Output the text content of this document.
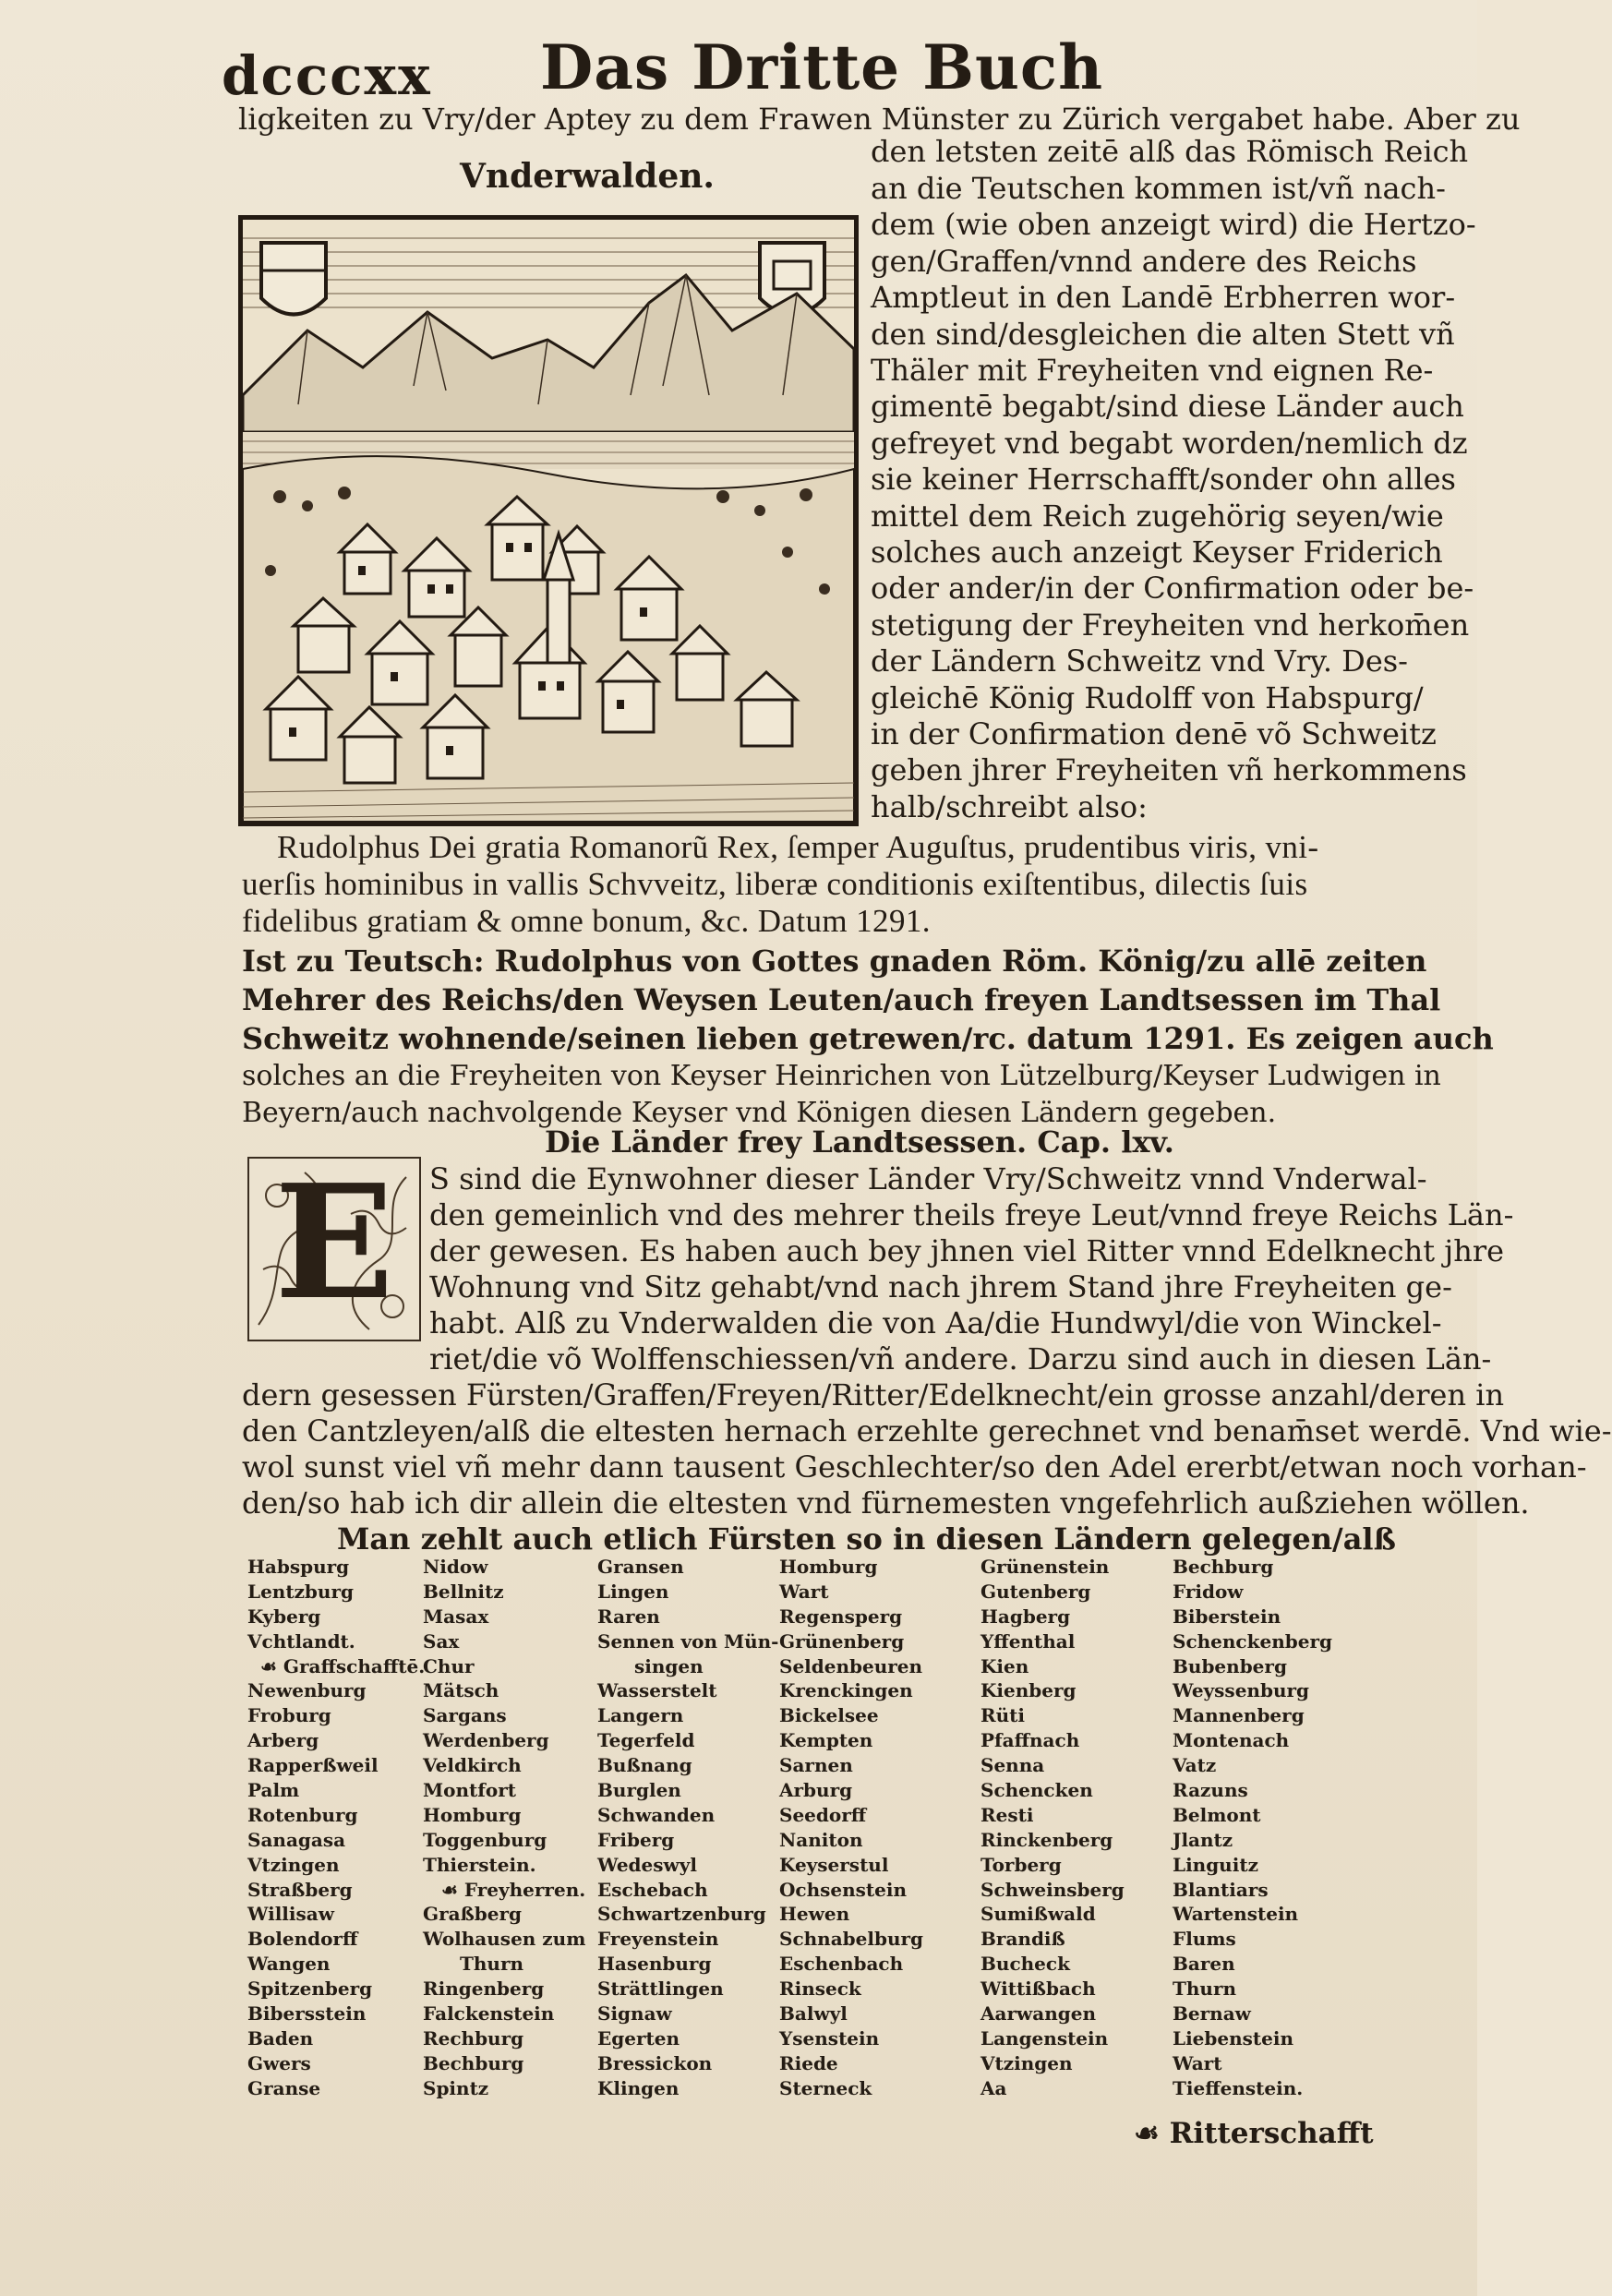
dcccxx Das Dritte Buch
ligkeiten zu Vry/der Aptey zu dem Frawen Münster zu Zürich vergabet habe. Aber zu
Vnderwalden.
den letsten zeitē alß das Römisch Reich
an die Teutschen kommen ist/vñ nach-
dem (wie oben anzeigt wird) die Hertzo-
gen/Graffen/vnnd andere des Reichs
Amptleut in den Landē Erbherren wor-
den sind/desgleichen die alten Stett vñ
Thäler mit Freyheiten vnd eignen Re-
gimentē begabt/sind diese Länder auch
gefreyet vnd begabt worden/nemlich dz
sie keiner Herrschafft/sonder ohn alles
mittel dem Reich zugehörig seyen/wie
solches auch anzeigt Keyser Friderich
oder ander/in der Confirmation oder be-
stetigung der Freyheiten vnd herkom̄en
der Ländern Schweitz vnd Vry. Des-
gleichē König Rudolff von Habspurg/
in der Confirmation denē võ Schweitz
geben jhrer Freyheiten vñ herkommens
halb/schreibt also:
Rudolphus Dei gratia Romanorũ Rex, ſemper Auguſtus, prudentibus viris, vni-
uerſis hominibus in vallis Schvveitz, liberæ conditionis exiſtentibus, dilectis ſuis
fidelibus gratiam & omne bonum, &c. Datum 1291.
Ist zu Teutsch: Rudolphus von Gottes gnaden Röm. König/zu allē zeiten
Mehrer des Reichs/den Weysen Leuten/auch freyen Landtsessen im Thal
Schweitz wohnende/seinen lieben getrewen/rc. datum 1291. Es zeigen auch
solches an die Freyheiten von Keyser Heinrichen von Lützelburg/Keyser Ludwigen in
Beyern/auch nachvolgende Keyser vnd Königen diesen Ländern gegeben.
Die Länder frey Landtsessen. Cap. lxv.
E	S sind die Eynwohner dieser Länder Vry/Schweitz vnnd Vnderwal-
den gemeinlich vnd des mehrer theils freye Leut/vnnd freye Reichs Län-
der gewesen. Es haben auch bey jhnen viel Ritter vnnd Edelknecht jhre
Wohnung vnd Sitz gehabt/vnd nach jhrem Stand jhre Freyheiten ge-
habt. Alß zu Vnderwalden die von Aa/die Hundwyl/die von Winckel-
riet/die võ Wolffenschiessen/vñ andere. Darzu sind auch in diesen Län-
dern gesessen Fürsten/Graffen/Freyen/Ritter/Edelknecht/ein grosse anzahl/deren in
den Cantzleyen/alß die eltesten hernach erzehlte gerechnet vnd benam̄set werdē. Vnd wie-
wol sunst viel vñ mehr dann tausent Geschlechter/so den Adel ererbt/etwan noch vorhan-
den/so hab ich dir allein die eltesten vnd fürnemesten vngefehrlich außziehen wöllen.
Man zehlt auch etlich Fürsten so in diesen Ländern gelegen/alß
Habspurg
Lentzburg
Kyberg
Vchtlandt.
☙ Graffschafftē.
Newenburg
Froburg
Arberg
Rapperßweil
Palm
Rotenburg
Sanagasa
Vtzingen
Straßberg
Willisaw
Bolendorff
Wangen
Spitzenberg
Bibersstein
Baden
Gwers
Granse
Nidow
Bellnitz
Masax
Sax
Chur
Mätsch
Sargans
Werdenberg
Veldkirch
Montfort
Homburg
Toggenburg
Thierstein.
☙ Freyherren.
Graßberg
Wolhausen zum
Thurn
Ringenberg
Falckenstein
Rechburg
Bechburg
Spintz
Gransen
Lingen
Raren
Sennen von Mün-
singen
Wasserstelt
Langern
Tegerfeld
Bußnang
Burglen
Schwanden
Friberg
Wedeswyl
Eschebach
Schwartzenburg
Freyenstein
Hasenburg
Strättlingen
Signaw
Egerten
Bressickon
Klingen
Homburg
Wart
Regensperg
Grünenberg
Seldenbeuren
Krenckingen
Bickelsee
Kempten
Sarnen
Arburg
Seedorff
Naniton
Keyserstul
Ochsenstein
Hewen
Schnabelburg
Eschenbach
Rinseck
Balwyl
Ysenstein
Riede
Sterneck
Grünenstein
Gutenberg
Hagberg
Yffenthal
Kien
Kienberg
Rüti
Pfaffnach
Senna
Schencken
Resti
Rinckenberg
Torberg
Schweinsberg
Sumißwald
Brandiß
Bucheck
Wittißbach
Aarwangen
Langenstein
Vtzingen
Aa
Bechburg
Fridow
Biberstein
Schenckenberg
Bubenberg
Weyssenburg
Mannenberg
Montenach
Vatz
Razuns
Belmont
Jlantz
Linguitz
Blantiars
Wartenstein
Flums
Baren
Thurn
Bernaw
Liebenstein
Wart
Tieffenstein.
☙ Ritterschafft
